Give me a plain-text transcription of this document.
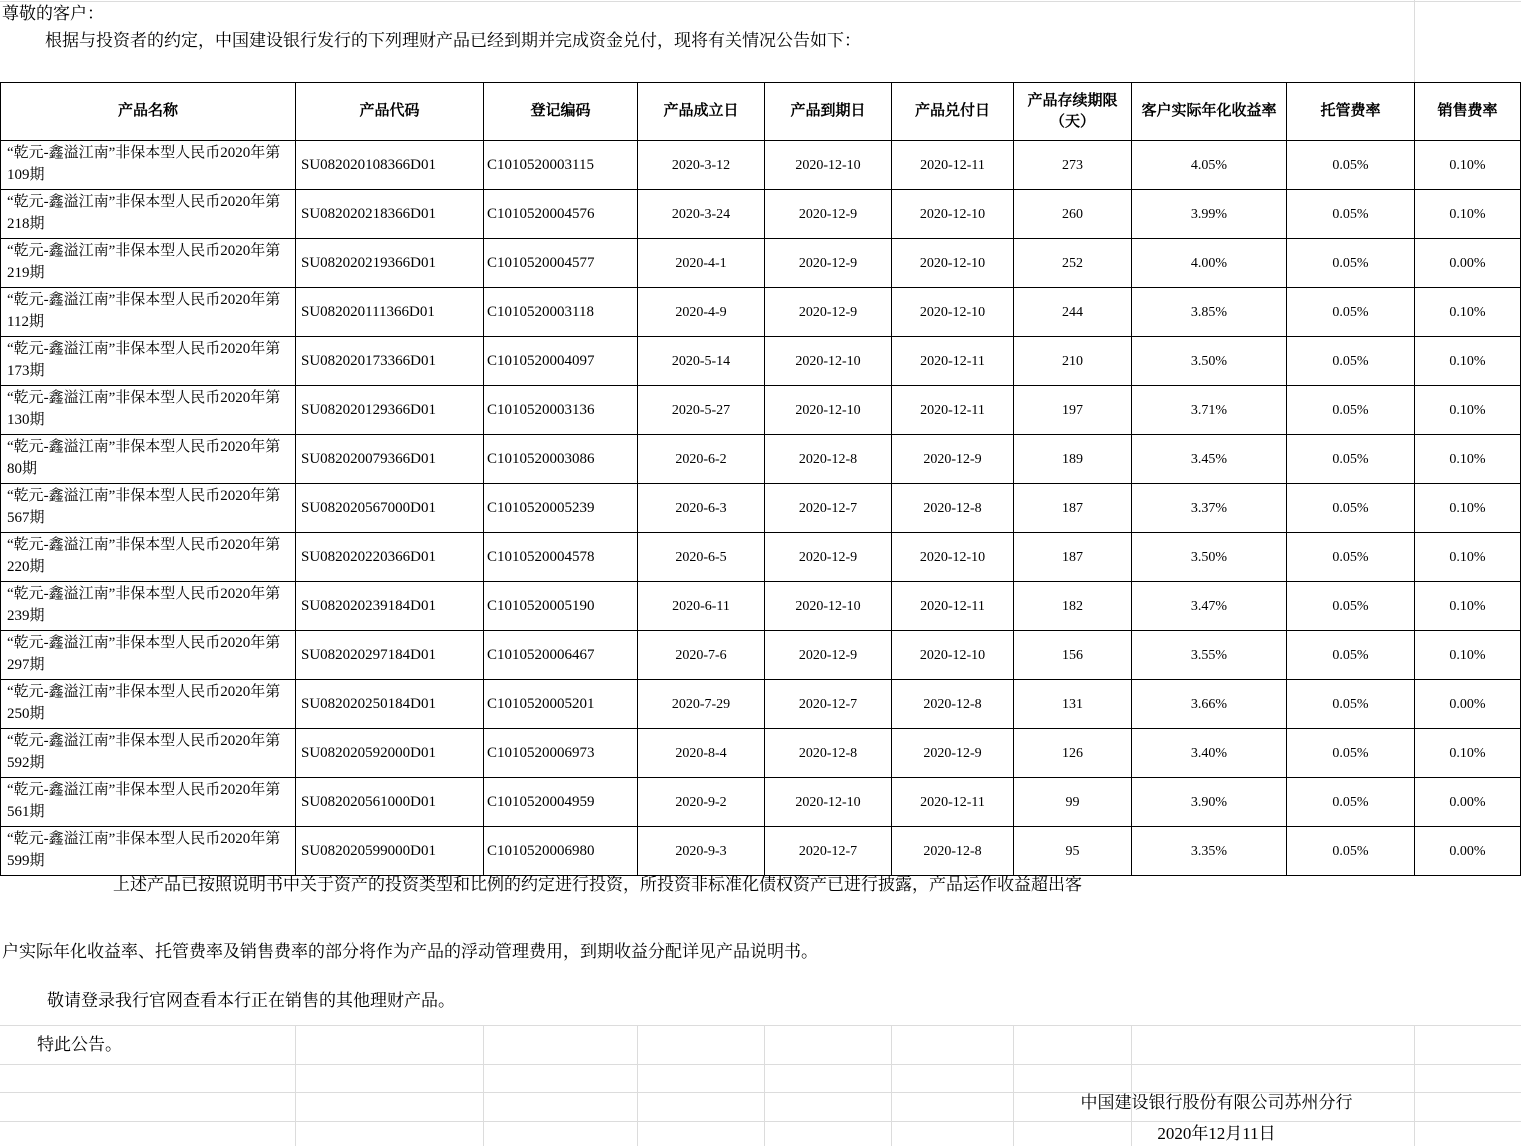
尊敬的客户：
根据与投资者的约定，中国建设银行发行的下列理财产品已经到期并完成资金兑付，现将有关情况公告如下：
产品名称	产品代码	登记编码	产品成立日	产品到期日	产品兑付日	产品存续期限（天）	客户实际年化收益率	托管费率	销售费率
“乾元-鑫溢江南”非保本型人民币2020年第109期	SU082020108366D01	C1010520003115	2020-3-12	2020-12-10	2020-12-11	273	4.05%	0.05%	0.10%
“乾元-鑫溢江南”非保本型人民币2020年第218期	SU082020218366D01	C1010520004576	2020-3-24	2020-12-9	2020-12-10	260	3.99%	0.05%	0.10%
“乾元-鑫溢江南”非保本型人民币2020年第219期	SU082020219366D01	C1010520004577	2020-4-1	2020-12-9	2020-12-10	252	4.00%	0.05%	0.00%
“乾元-鑫溢江南”非保本型人民币2020年第112期	SU082020111366D01	C1010520003118	2020-4-9	2020-12-9	2020-12-10	244	3.85%	0.05%	0.10%
“乾元-鑫溢江南”非保本型人民币2020年第173期	SU082020173366D01	C1010520004097	2020-5-14	2020-12-10	2020-12-11	210	3.50%	0.05%	0.10%
“乾元-鑫溢江南”非保本型人民币2020年第130期	SU082020129366D01	C1010520003136	2020-5-27	2020-12-10	2020-12-11	197	3.71%	0.05%	0.10%
“乾元-鑫溢江南”非保本型人民币2020年第80期	SU082020079366D01	C1010520003086	2020-6-2	2020-12-8	2020-12-9	189	3.45%	0.05%	0.10%
“乾元-鑫溢江南”非保本型人民币2020年第567期	SU082020567000D01	C1010520005239	2020-6-3	2020-12-7	2020-12-8	187	3.37%	0.05%	0.10%
“乾元-鑫溢江南”非保本型人民币2020年第220期	SU082020220366D01	C1010520004578	2020-6-5	2020-12-9	2020-12-10	187	3.50%	0.05%	0.10%
“乾元-鑫溢江南”非保本型人民币2020年第239期	SU082020239184D01	C1010520005190	2020-6-11	2020-12-10	2020-12-11	182	3.47%	0.05%	0.10%
“乾元-鑫溢江南”非保本型人民币2020年第297期	SU082020297184D01	C1010520006467	2020-7-6	2020-12-9	2020-12-10	156	3.55%	0.05%	0.10%
“乾元-鑫溢江南”非保本型人民币2020年第250期	SU082020250184D01	C1010520005201	2020-7-29	2020-12-7	2020-12-8	131	3.66%	0.05%	0.00%
“乾元-鑫溢江南”非保本型人民币2020年第592期	SU082020592000D01	C1010520006973	2020-8-4	2020-12-8	2020-12-9	126	3.40%	0.05%	0.10%
“乾元-鑫溢江南”非保本型人民币2020年第561期	SU082020561000D01	C1010520004959	2020-9-2	2020-12-10	2020-12-11	99	3.90%	0.05%	0.00%
“乾元-鑫溢江南”非保本型人民币2020年第599期	SU082020599000D01	C1010520006980	2020-9-3	2020-12-7	2020-12-8	95	3.35%	0.05%	0.00%
上述产品已按照说明书中关于资产的投资类型和比例的约定进行投资，所投资非标准化债权资产已进行披露，产品运作收益超出客
户实际年化收益率、托管费率及销售费率的部分将作为产品的浮动管理费用，到期收益分配详见产品说明书。
敬请登录我行官网查看本行正在销售的其他理财产品。
特此公告。
中国建设银行股份有限公司苏州分行
2020年12月11日
